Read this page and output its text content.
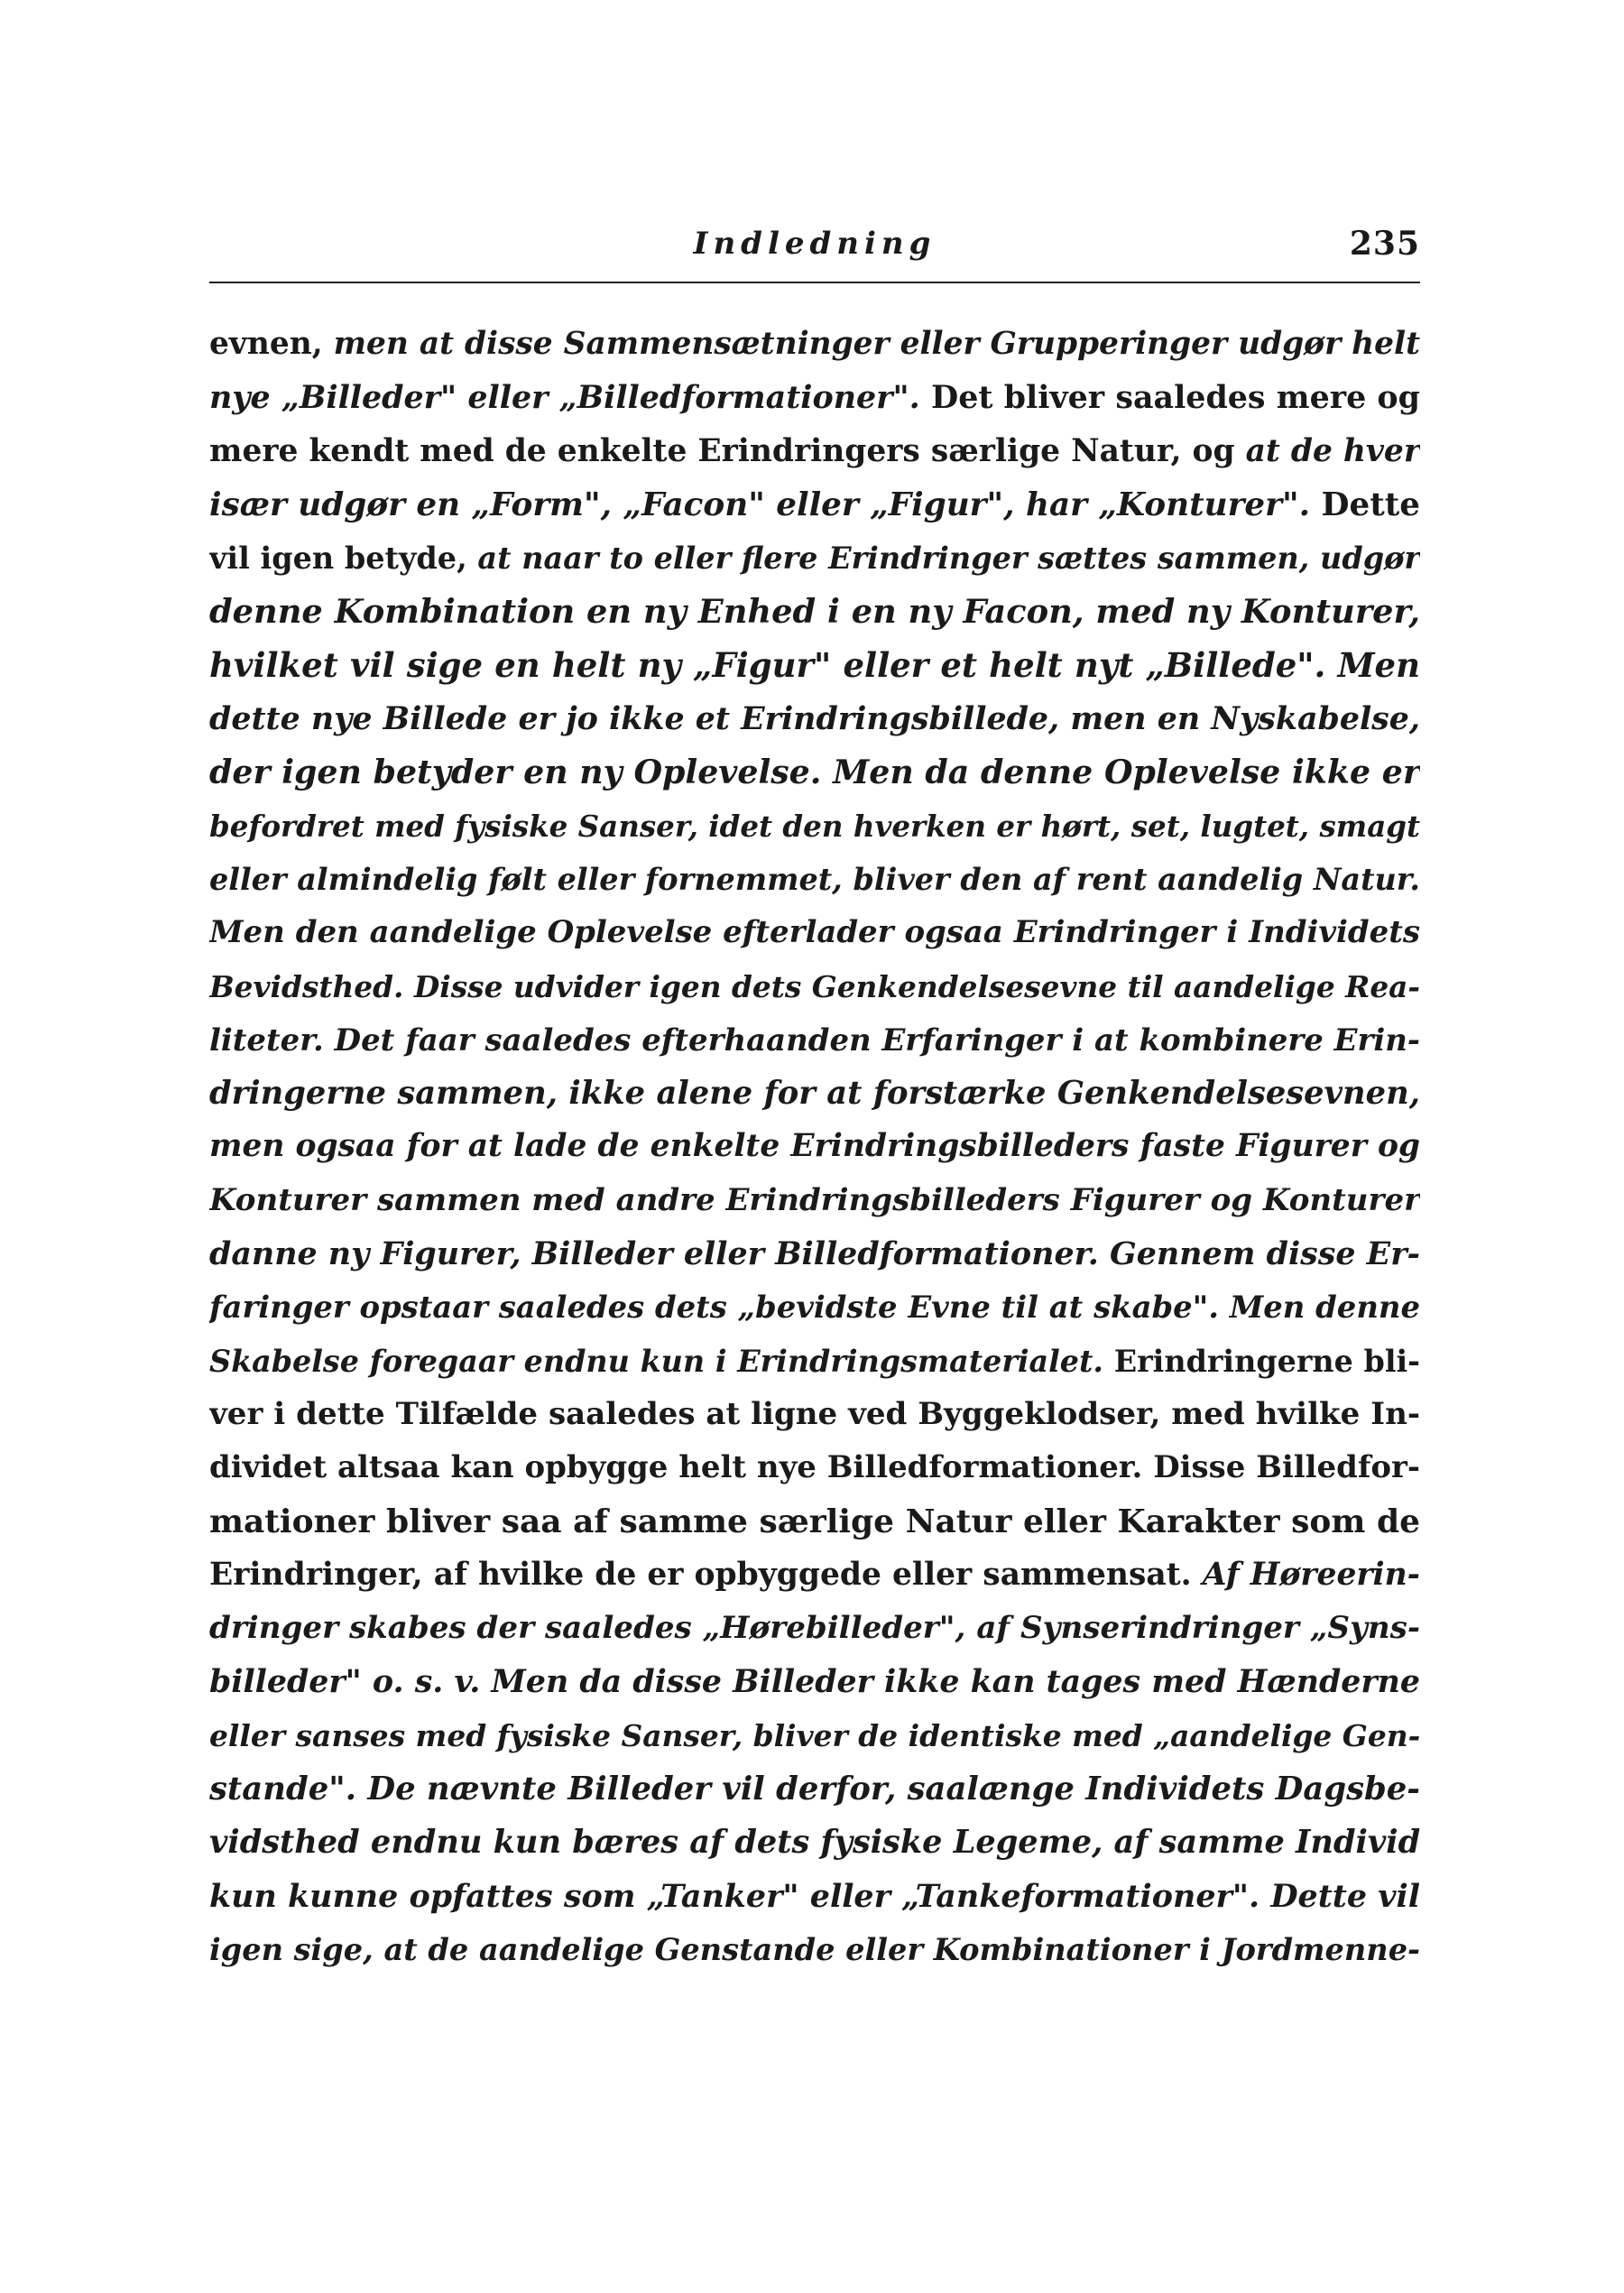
Indledning	235
evnen, men at disse Sammensætninger eller Grupperinger udgør helt
nye „Billeder" eller „Billedformationer". Det bliver saaledes mere og
mere kendt med de enkelte Erindringers særlige Natur, og at de hver
især udgør en „Form", „Facon" eller „Figur", har „Konturer". Dette
vil igen betyde, at naar to eller flere Erindringer sættes sammen, udgør
denne Kombination en ny Enhed i en ny Facon, med ny Konturer,
hvilket vil sige en helt ny „Figur" eller et helt nyt „Billede". Men
dette nye Billede er jo ikke et Erindringsbillede, men en Nyskabelse,
der igen betyder en ny Oplevelse. Men da denne Oplevelse ikke er
befordret med fysiske Sanser, idet den hverken er hørt, set, lugtet, smagt
eller almindelig følt eller fornemmet, bliver den af rent aandelig Natur.
Men den aandelige Oplevelse efterlader ogsaa Erindringer i Individets
Bevidsthed. Disse udvider igen dets Genkendelsesevne til aandelige Rea-
liteter. Det faar saaledes efterhaanden Erfaringer i at kombinere Erin-
dringerne sammen, ikke alene for at forstærke Genkendelsesevnen,
men ogsaa for at lade de enkelte Erindringsbilleders faste Figurer og
Konturer sammen med andre Erindringsbilleders Figurer og Konturer
danne ny Figurer, Billeder eller Billedformationer. Gennem disse Er-
faringer opstaar saaledes dets „bevidste Evne til at skabe". Men denne
Skabelse foregaar endnu kun i Erindringsmaterialet. Erindringerne bli-
ver i dette Tilfælde saaledes at ligne ved Byggeklodser, med hvilke In-
dividet altsaa kan opbygge helt nye Billedformationer. Disse Billedfor-
mationer bliver saa af samme særlige Natur eller Karakter som de
Erindringer, af hvilke de er opbyggede eller sammensat. Af Høreerin-
dringer skabes der saaledes „Hørebilleder", af Synserindringer „Syns-
billeder" o. s. v. Men da disse Billeder ikke kan tages med Hænderne
eller sanses med fysiske Sanser, bliver de identiske med „aandelige Gen-
stande". De nævnte Billeder vil derfor, saalænge Individets Dagsbe-
vidsthed endnu kun bæres af dets fysiske Legeme, af samme Individ
kun kunne opfattes som „Tanker" eller „Tankeformationer". Dette vil
igen sige, at de aandelige Genstande eller Kombinationer i Jordmenne-
